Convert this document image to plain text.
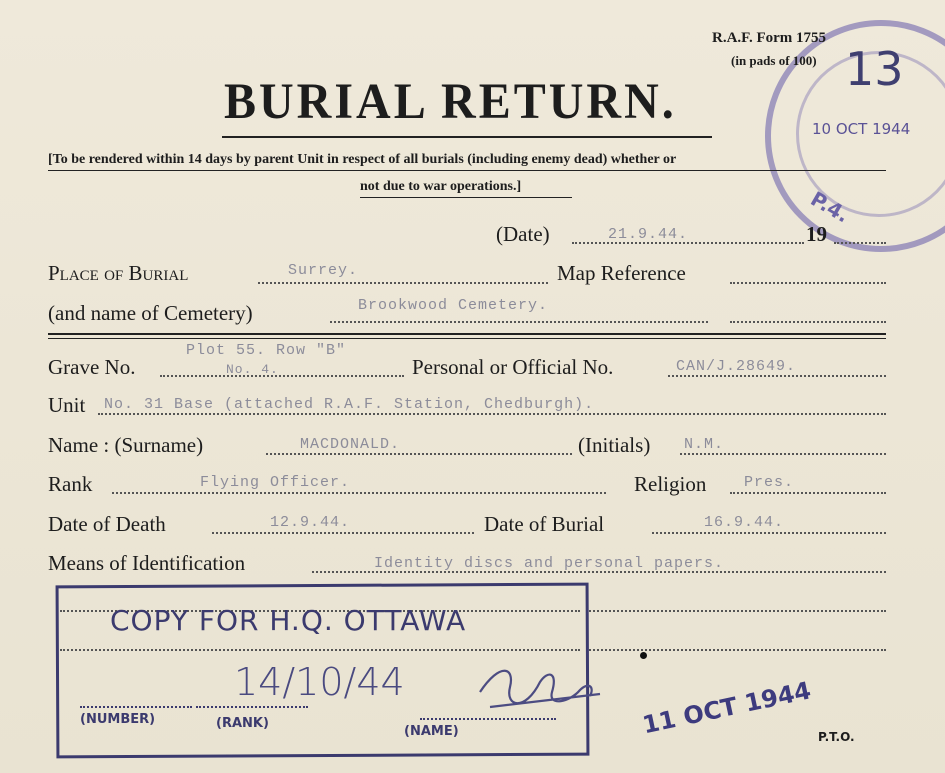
10 OCT 1944
P.4.
R.A.F. Form 1755
(in pads of 100) 13
BURIAL RETURN.
[To be rendered within 14 days by parent Unit in respect of all burials (including enemy dead) whether or
not due to war operations.]
(Date)	21.9.44.	19
Place of Burial	Surrey.	Map Reference
(and name of Cemetery)	Brookwood Cemetery.
Grave No.
Plot 55. Row "B"
No. 4.	Personal or Official No.	CAN/J.28649.
Unit No. 31 Base (attached R.A.F. Station, Chedburgh).
Name : (Surname)	MACDONALD.	(Initials) N.M.
Rank	Flying Officer.	Religion	Pres.
Date of Death	12.9.44.	Date of Burial	16.9.44.
Means of Identification	Identity discs and personal papers.
COPY FOR H.Q. OTTAWA
14/10/44
(NUMBER)	(RANK)
(NAME)	11 OCT 1944 P.T.O.
